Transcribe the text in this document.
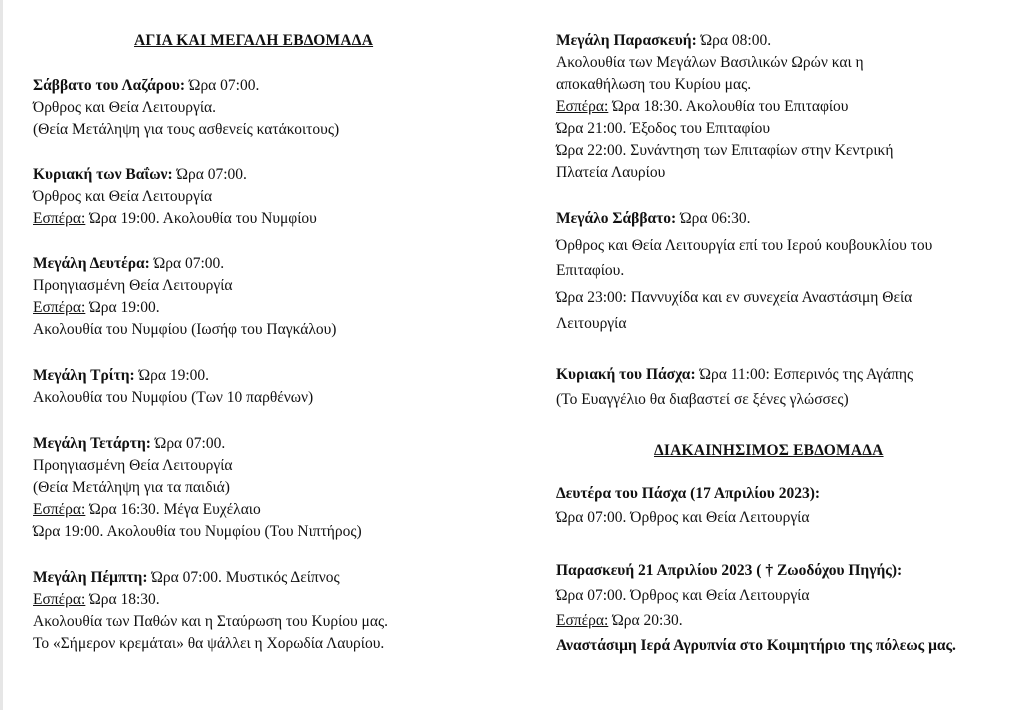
ΑΓΙΑ ΚΑΙ ΜΕΓΑΛΗ ΕΒΔΟΜΑΔΑ
Σάββατο του Λαζάρου: Ώρα 07:00.
Όρθρος και Θεία Λειτουργία.
(Θεία Μετάληψη για τους ασθενείς κατάκοιτους)
Κυριακή των Βαΐων: Ώρα 07:00.
Όρθρος και Θεία Λειτουργία
Εσπέρα: Ώρα 19:00. Ακολουθία του Νυμφίου
Μεγάλη Δευτέρα: Ώρα 07:00.
Προηγιασμένη Θεία Λειτουργία
Εσπέρα: Ώρα 19:00.
Ακολουθία του Νυμφίου (Ιωσήφ του Παγκάλου)
Μεγάλη Τρίτη: Ώρα 19:00.
Ακολουθία του Νυμφίου (Των 10 παρθένων)
Μεγάλη Τετάρτη: Ώρα 07:00.
Προηγιασμένη Θεία Λειτουργία
(Θεία Μετάληψη για τα παιδιά)
Εσπέρα: Ώρα 16:30. Μέγα Ευχέλαιο
Ώρα 19:00. Ακολουθία του Νυμφίου (Του Νιπτήρος)
Μεγάλη Πέμπτη: Ώρα 07:00. Μυστικός Δείπνος
Εσπέρα: Ώρα 18:30.
Ακολουθία των Παθών και η Σταύρωση του Κυρίου μας.
Το «Σήμερον κρεμάται» θα ψάλλει η Χορωδία Λαυρίου.
Μεγάλη Παρασκευή: Ώρα 08:00.
Ακολουθία των Μεγάλων Βασιλικών Ωρών και η
αποκαθήλωση του Κυρίου μας.
Εσπέρα: Ώρα 18:30. Ακολουθία του Επιταφίου
Ώρα 21:00. Έξοδος του Επιταφίου
Ώρα 22:00. Συνάντηση των Επιταφίων στην Κεντρική
Πλατεία Λαυρίου
Μεγάλο Σάββατο: Ώρα 06:30.
Όρθρος και Θεία Λειτουργία επί του Ιερού κουβουκλίου του
Επιταφίου.
Ώρα 23:00: Παννυχίδα και εν συνεχεία Αναστάσιμη Θεία
Λειτουργία
Κυριακή του Πάσχα: Ώρα 11:00: Εσπερινός της Αγάπης
(Το Ευαγγέλιο θα διαβαστεί σε ξένες γλώσσες)
ΔΙΑΚΑΙΝΗΣΙΜΟΣ ΕΒΔΟΜΑΔΑ
Δευτέρα του Πάσχα (17 Απριλίου 2023):
Ώρα 07:00. Όρθρος και Θεία Λειτουργία
Παρασκευή 21 Απριλίου 2023 ( † Ζωοδόχου Πηγής):
Ώρα 07:00. Όρθρος και Θεία Λειτουργία
Εσπέρα: Ώρα 20:30.
Αναστάσιμη Ιερά Αγρυπνία στο Κοιμητήριο της πόλεως μας.
